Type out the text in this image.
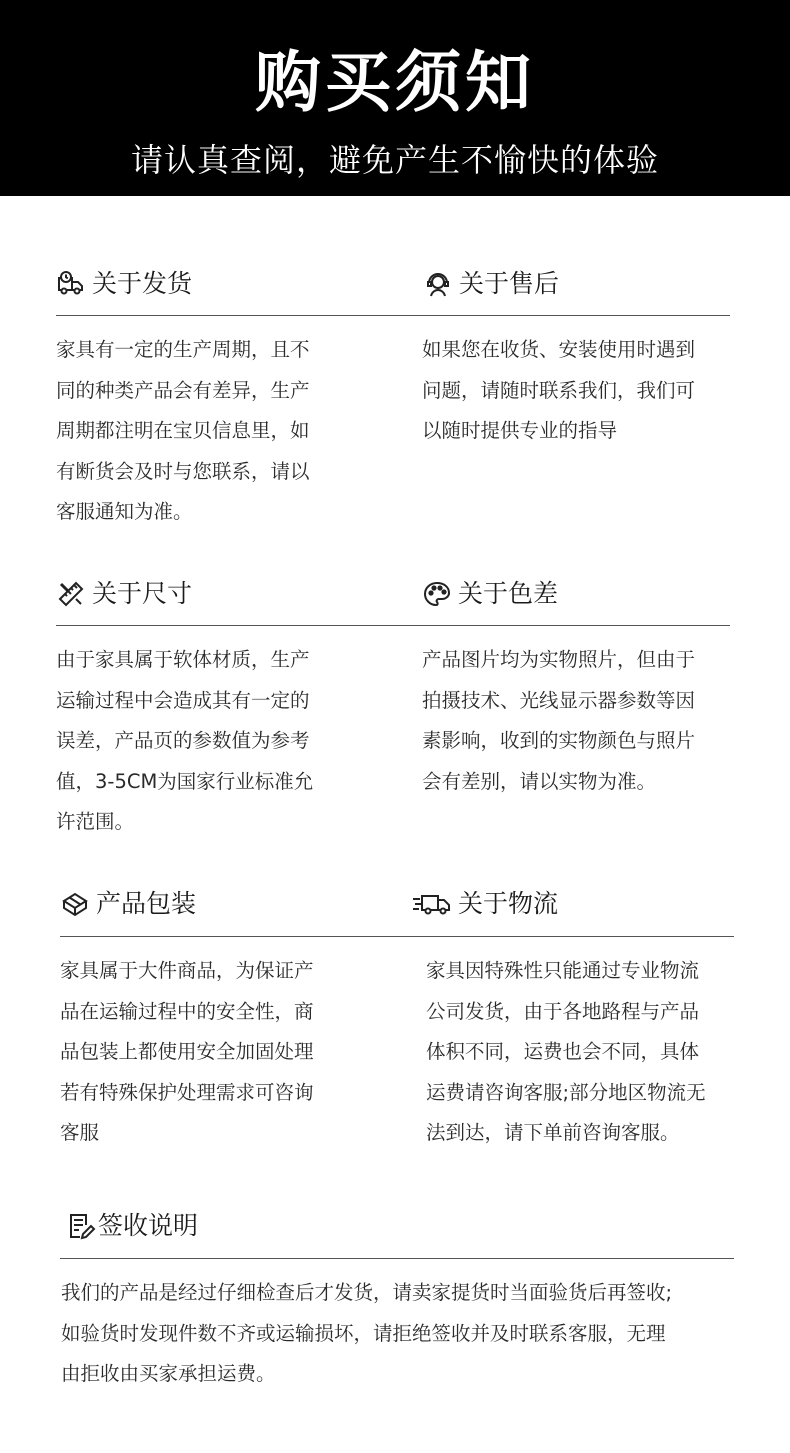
购买须知
请认真查阅，避免产生不愉快的体验
关于发货
家具有一定的生产周期，且不
同的种类产品会有差异，生产
周期都注明在宝贝信息里，如
有断货会及时与您联系，请以
客服通知为准。
关于售后
如果您在收货、安装使用时遇到
问题，请随时联系我们，我们可
以随时提供专业的指导
关于尺寸
由于家具属于软体材质，生产
运输过程中会造成其有一定的
误差，产品页的参数值为参考
值，3-5CM为国家行业标准允
许范围。
关于色差
产品图片均为实物照片，但由于
拍摄技术、光线显示器参数等因
素影响，收到的实物颜色与照片
会有差别，请以实物为准。
产品包装
家具属于大件商品，为保证产
品在运输过程中的安全性，商
品包装上都使用安全加固处理
若有特殊保护处理需求可咨询
客服
关于物流
家具因特殊性只能通过专业物流
公司发货，由于各地路程与产品
体积不同，运费也会不同，具体
运费请咨询客服;部分地区物流无
法到达，请下单前咨询客服。
签收说明
我们的产品是经过仔细检查后才发货，请卖家提货时当面验货后再签收;
如验货时发现件数不齐或运输损坏，请拒绝签收并及时联系客服，无理
由拒收由买家承担运费。
